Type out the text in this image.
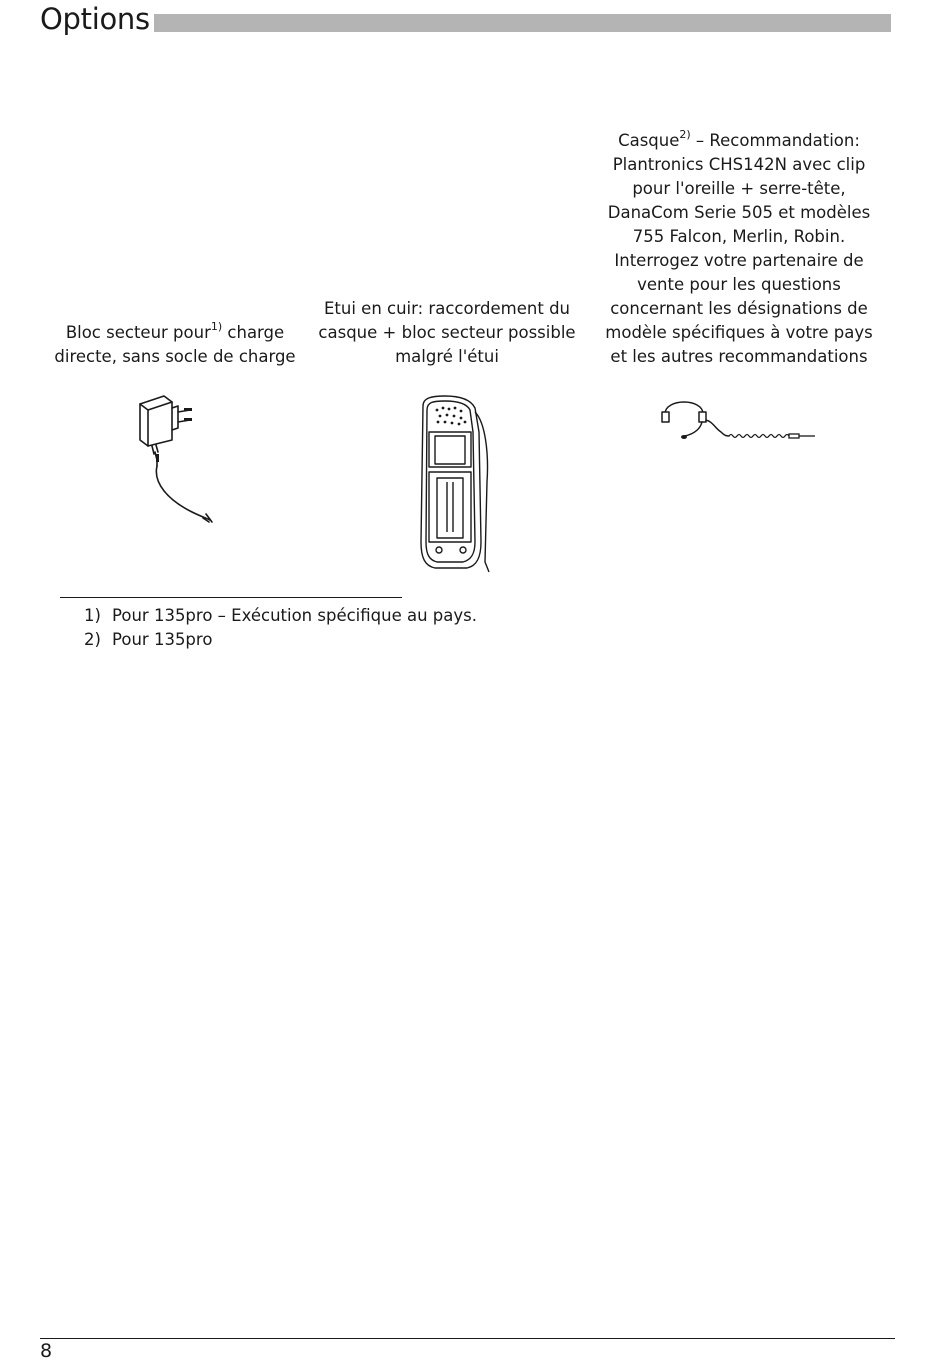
Options
Bloc secteur pour$^{1)}$ charge directe, sans socle de charge
Etui en cuir: raccordement du casque + bloc secteur possible malgré l'étui
Casque$^{2)}$ – Recommandation: Plantronics CHS142N avec clip pour l'oreille + serre-tête, DanaCom Serie 505 et modèles 755 Falcon, Merlin, Robin. Interrogez votre partenaire de vente pour les questions concernant les désignations de modèle spécifiques à votre pays et les autres recommandations
1) Pour 135pro – Exécution spécifique au pays.
2) Pour 135pro
8
